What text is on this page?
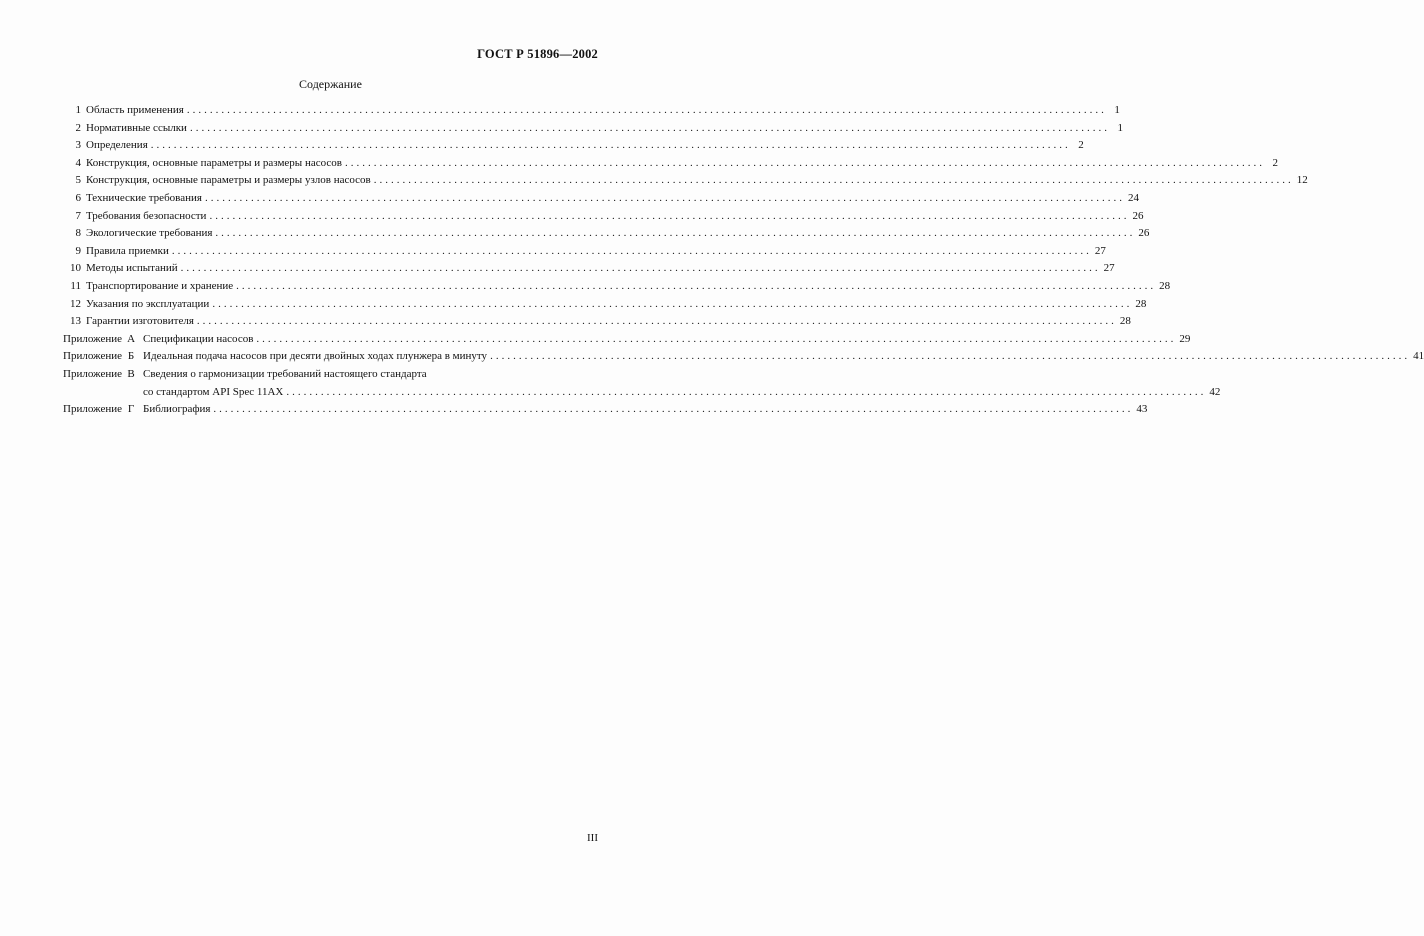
ГОСТ Р 51896—2002
Содержание
1 Область применения .....	1
2 Нормативные ссылки .....	1
3 Определения .....	2
4 Конструкция, основные параметры и размеры насосов .....	2
5 Конструкция, основные параметры и размеры узлов насосов .....	12
6 Технические требования .....	24
7 Требования безопасности .....	26
8 Экологические требования .....	26
9 Правила приемки .....	27
10 Методы испытаний .....	27
11 Транспортирование и хранение .....	28
12 Указания по эксплуатации .....	28
13 Гарантии изготовителя .....	28
Приложение А Спецификации насосов .....	29
Приложение Б Идеальная подача насосов при десяти двойных ходах плунжера в минуту .....	41
Приложение В Сведения о гармонизации требований настоящего стандарта
со стандартом API Spec 11AX .....	42
Приложение Г Библиография .....	43
III
